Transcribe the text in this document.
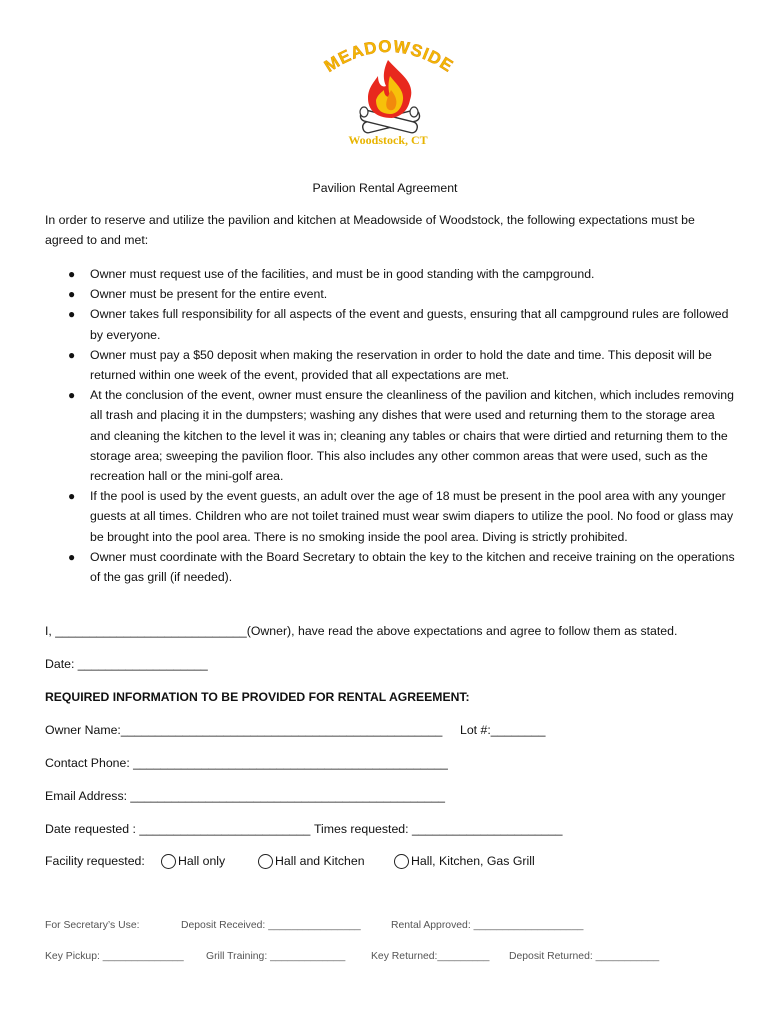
MEADOWSIDE
Woodstock, CT
Pavilion Rental Agreement
In order to reserve and utilize the pavilion and kitchen at Meadowside of Woodstock, the following expectations must be agreed to and met:
● Owner must request use of the facilities, and must be in good standing with the campground.
● Owner must be present for the entire event.
● Owner takes full responsibility for all aspects of the event and guests, ensuring that all campground rules are followed by everyone.
● Owner must pay a $50 deposit when making the reservation in order to hold the date and time. This deposit will be returned within one week of the event, provided that all expectations are met.
● At the conclusion of the event, owner must ensure the cleanliness of the pavilion and kitchen, which includes removing all trash and placing it in the dumpsters; washing any dishes that were used and returning them to the storage area and cleaning the kitchen to the level it was in; cleaning any tables or chairs that were dirtied and returning them to the storage area; sweeping the pavilion floor. This also includes any other common areas that were used, such as the recreation hall or the mini-golf area.
● If the pool is used by the event guests, an adult over the age of 18 must be present in the pool area with any younger guests at all times. Children who are not toilet trained must wear swim diapers to utilize the pool. No food or glass may be brought into the pool area. There is no smoking inside the pool area. Diving is strictly prohibited.
● Owner must coordinate with the Board Secretary to obtain the key to the kitchen and receive training on the operations of the gas grill (if needed).
I, ____________________________(Owner), have read the above expectations and agree to follow them as stated.
Date: ___________________
REQUIRED INFORMATION TO BE PROVIDED FOR RENTAL AGREEMENT:
Owner Name:_______________________________________________ Lot #:________
Contact Phone: ______________________________________________
Email Address: ______________________________________________
Date requested : _________________________ Times requested: ______________________
Facility requested:	Hall only	Hall and Kitchen	Hall, Kitchen, Gas Grill
For Secretary’s Use:	Deposit Received: ________________	Rental Approved: ___________________
Key Pickup: ______________ Grill Training: _____________ Key Returned:_________ Deposit Returned: ___________
